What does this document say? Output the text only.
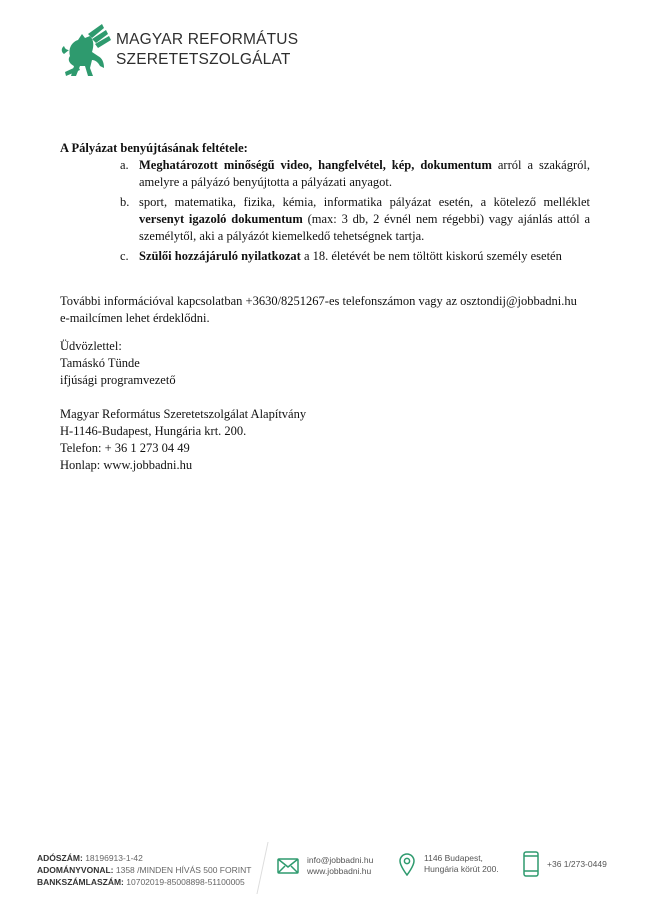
MAGYAR REFORMÁTUS
SZERETETSZOLGÁLAT

A Pályázat benyújtásának feltétele:

a. Meghatározott minőségű video, hangfelvétel, kép, dokumentum arról a szakágról, amelyre a pályázó benyújtotta a pályázati anyagot.
b. sport, matematika, fizika, kémia, informatika pályázat esetén, a kötelező melléklet versenyt igazoló dokumentum (max: 3 db, 2 évnél nem régebbi) vagy ajánlás attól a személytől, aki a pályázót kiemelkedő tehetségnek tartja.
c. Szülői hozzájáruló nyilatkozat a 18. életévét be nem töltött kiskorú személy esetén

További információval kapcsolatban +3630/8251267-es telefonszámon vagy az osztondij@jobbadni.hu
e-mailcímen lehet érdeklődni.

Üdvözlettel:
Tamáskó Tünde
ifjúsági programvezető

Magyar Református Szeretetszolgálat Alapítvány
H-1146-Budapest, Hungária krt. 200.
Telefon: + 36 1 273 04 49
Honlap: www.jobbadni.hu

ADÓSZÁM: 18196913-1-42
ADOMÁNYVONAL: 1358 /MINDEN HÍVÁS 500 FORINT
BANKSZÁMLASZÁM: 10702019-85008898-51100005
info@jobbadni.hu
www.jobbadni.hu
1146 Budapest,
Hungária körút 200.
+36 1/273-0449
